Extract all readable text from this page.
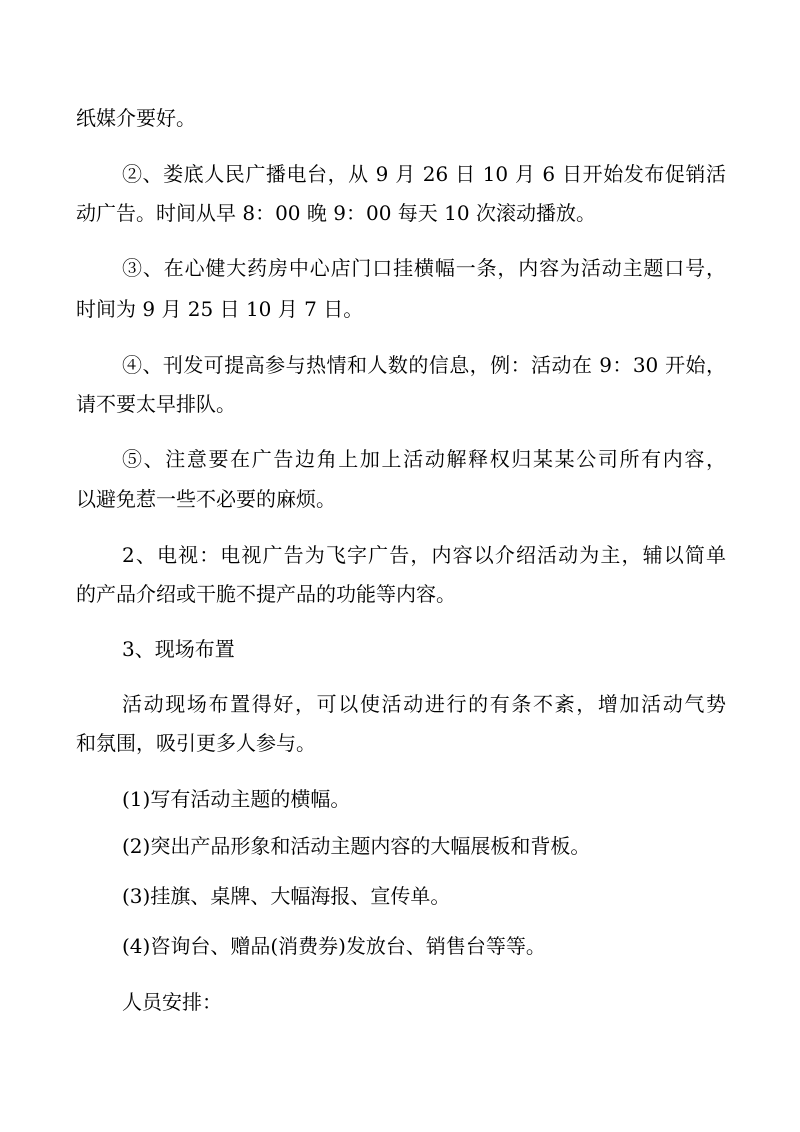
纸媒介要好。
②、娄底人民广播电台，从 9 月 26 日 10 月 6 日开始发布促销活
动广告。时间从早 8：00 晚 9：00 每天 10 次滚动播放。
③、在心健大药房中心店门口挂横幅一条，内容为活动主题口号，
时间为 9 月 25 日 10 月 7 日。
④、刊发可提高参与热情和人数的信息，例：活动在 9：30 开始，
请不要太早排队。
⑤、注意要在广告边角上加上活动解释权归某某公司所有内容，
以避免惹一些不必要的麻烦。
2、电视：电视广告为飞字广告，内容以介绍活动为主，辅以简单
的产品介绍或干脆不提产品的功能等内容。
3、现场布置
活动现场布置得好，可以使活动进行的有条不紊，增加活动气势
和氛围，吸引更多人参与。
(1)写有活动主题的横幅。
(2)突出产品形象和活动主题内容的大幅展板和背板。
(3)挂旗、桌牌、大幅海报、宣传单。
(4)咨询台、赠品(消费券)发放台、销售台等等。
人员安排：
